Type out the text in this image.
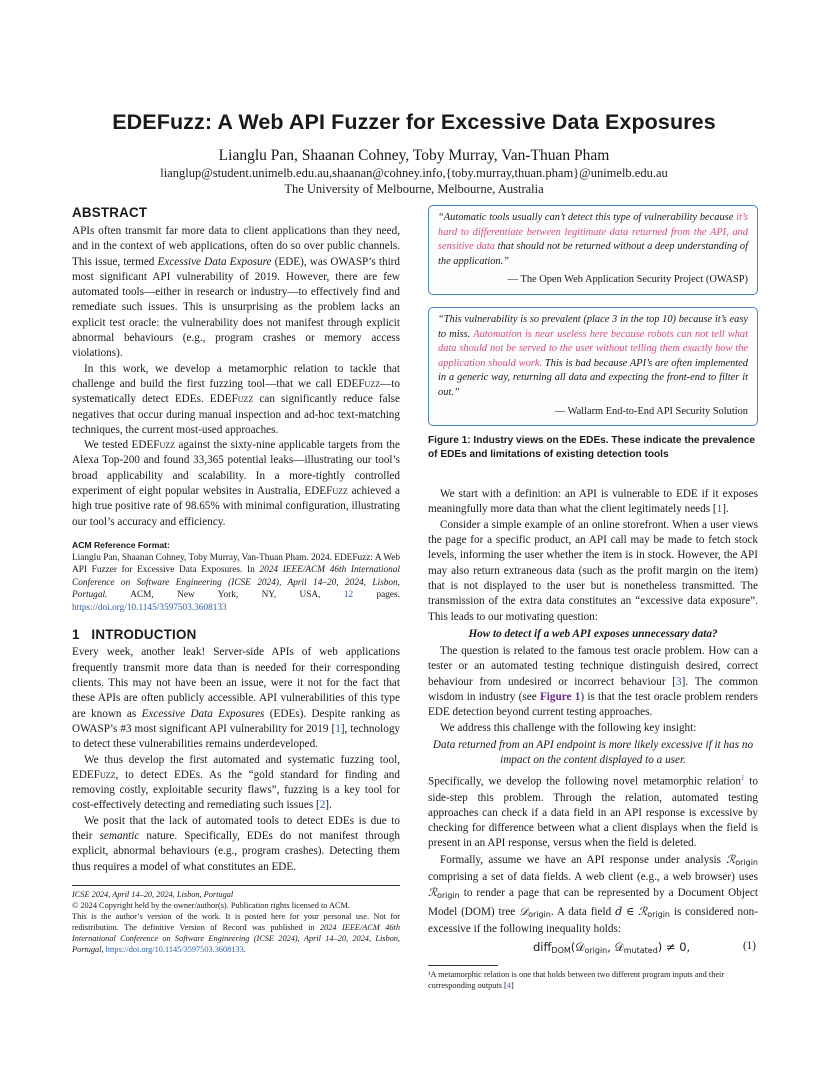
EDEFuzz: A Web API Fuzzer for Excessive Data Exposures
Lianglu Pan, Shaanan Cohney, Toby Murray, Van-Thuan Pham
lianglup@student.unimelb.edu.au,shaanan@cohney.info,{toby.murray,thuan.pham}@unimelb.edu.au
The University of Melbourne, Melbourne, Australia
ABSTRACT

APIs often transmit far more data to client applications than they need, and in the context of web applications, often do so over public channels. This issue, termed Excessive Data Exposure (EDE), was OWASP’s third most significant API vulnerability of 2019. However, there are few automated tools—either in research or industry—to effectively find and remediate such issues. This is unsurprising as the problem lacks an explicit test oracle: the vulnerability does not manifest through explicit abnormal behaviours (e.g., program crashes or memory access violations).

In this work, we develop a metamorphic relation to tackle that challenge and build the first fuzzing tool—that we call EDEFuzz—to systematically detect EDEs. EDEFuzz can significantly reduce false negatives that occur during manual inspection and ad-hoc text-matching techniques, the current most-used approaches.

We tested EDEFuzz against the sixty-nine applicable targets from the Alexa Top-200 and found 33,365 potential leaks—illustrating our tool’s broad applicability and scalability. In a more-tightly controlled experiment of eight popular websites in Australia, EDEFuzz achieved a high true positive rate of 98.65% with minimal configuration, illustrating our tool’s accuracy and efficiency.

ACM Reference Format:

Lianglu Pan, Shaanan Cohney, Toby Murray, Van-Thuan Pham. 2024. EDEFuzz: A Web API Fuzzer for Excessive Data Exposures. In 2024 IEEE/ACM 46th International Conference on Software Engineering (ICSE 2024), April 14–20, 2024, Lisbon, Portugal. ACM, New York, NY, USA, 12 pages. https://doi.org/10.1145/3597503.3608133

1   INTRODUCTION

Every week, another leak! Server-side APIs of web applications frequently transmit more data than is needed for their corresponding clients. This may not have been an issue, were it not for the fact that these APIs are often publicly accessible. API vulnerabilities of this type are known as Excessive Data Exposures (EDEs). Despite ranking as OWASP’s #3 most significant API vulnerability for 2019 [1], technology to detect these vulnerabilities remains underdeveloped.

We thus develop the first automated and systematic fuzzing tool, EDEFuzz, to detect EDEs. As the “gold standard for finding and removing costly, exploitable security flaws”, fuzzing is a key tool for cost-effectively detecting and remediating such issues [2].

We posit that the lack of automated tools to detect EDEs is due to their semantic nature. Specifically, EDEs do not manifest through explicit, abnormal behaviours (e.g., program crashes). Detecting them thus requires a model of what constitutes an EDE.

ICSE 2024, April 14–20, 2024, Lisbon, Portugal
© 2024 Copyright held by the owner/author(s). Publication rights licensed to ACM.
This is the author’s version of the work. It is posted here for your personal use. Not for redistribution. The definitive Version of Record was published in 2024 IEEE/ACM 46th International Conference on Software Engineering (ICSE 2024), April 14–20, 2024, Lisbon, Portugal, https://doi.org/10.1145/3597503.3608133.

“Automatic tools usually can’t detect this type of vulnerability because it’s hard to differentiate between legitimate data returned from the API, and sensitive data that should not be returned without a deep understanding of the application.”

— The Open Web Application Security Project (OWASP)

“This vulnerability is so prevalent (place 3 in the top 10) because it’s easy to miss. Automation is near useless here because robots can not tell what data should not be served to the user without telling them exactly how the application should work. This is bad because API’s are often implemented in a generic way, returning all data and expecting the front-end to filter it out.”

— Wallarm End-to-End API Security Solution

Figure 1: Industry views on the EDEs. These indicate the prevalence of EDEs and limitations of existing detection tools

We start with a definition: an API is vulnerable to EDE if it exposes meaningfully more data than what the client legitimately needs [1].

Consider a simple example of an online storefront. When a user views the page for a specific product, an API call may be made to fetch stock levels, informing the user whether the item is in stock. However, the API may also return extraneous data (such as the profit margin on the item) that is not displayed to the user but is nonetheless transmitted. The transmission of the extra data constitutes an “excessive data exposure”. This leads to our motivating question:

How to detect if a web API exposes unnecessary data?

The question is related to the famous test oracle problem. How can a tester or an automated testing technique distinguish desired, correct behaviour from undesired or incorrect behaviour [3]. The common wisdom in industry (see Figure 1) is that the test oracle problem renders EDE detection beyond current testing approaches.

We address this challenge with the following key insight:

Data returned from an API endpoint is more likely excessive if it has no impact on the content displayed to a user.

Specifically, we develop the following novel metamorphic relation$^1$ to side-step this problem. Through the relation, automated testing approaches can check if a data field in an API response is excessive by checking for difference between what a client displays when the field is present in an API response, versus when the field is deleted.

Formally, assume we have an API response under analysis ℛ$_{origin}$ comprising a set of data fields. A web client (e.g., a web browser) uses ℛ$_{origin}$ to render a page that can be represented by a Document Object Model (DOM) tree 𝒟$_{origin}$. A data field d ∈ ℛ$_{origin}$ is considered non-excessive if the following inequality holds:

diff$_{DOM}$(𝒟$_{origin}$, 𝒟$_{mutated}$) ≠ 0,	(1)

¹A metamorphic relation is one that holds between two different program inputs and their corresponding outputs [4]
